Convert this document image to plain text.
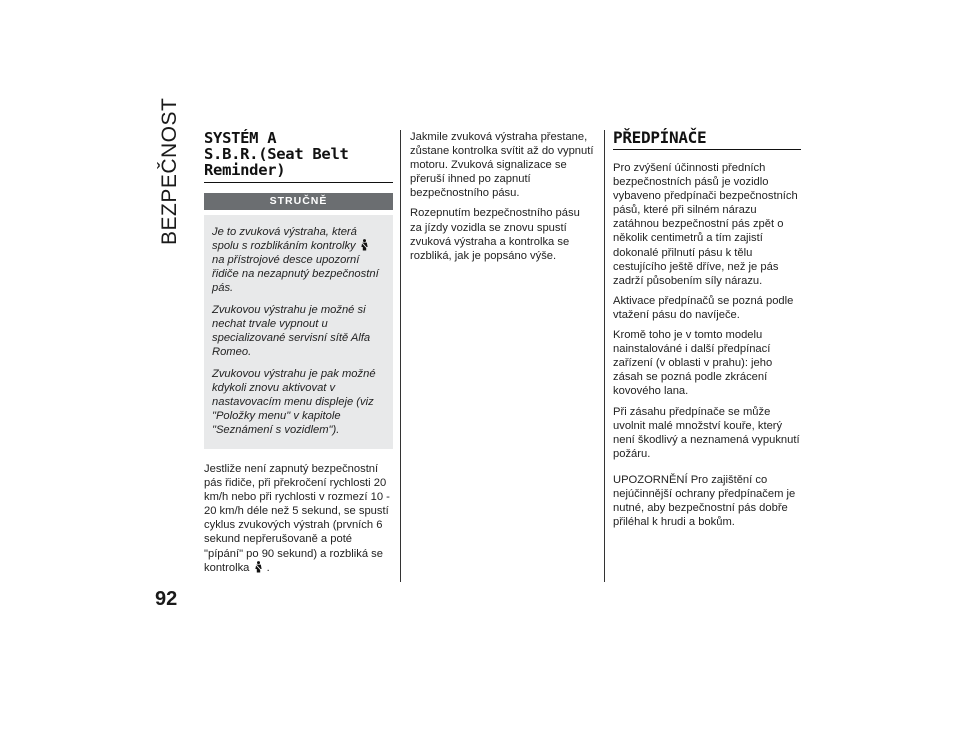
BEZPEČNOST
92
SYSTÉM A
S.B.R.(Seat Belt
Reminder)
STRUČNĚ

Je to zvuková výstraha, která spolu s rozblikáním kontrolky  na přístrojové desce upozorní řidiče na nezapnutý bezpečnostní pás.

Zvukovou výstrahu je možné si nechat trvale vypnout u specializované servisní sítě Alfa Romeo.

Zvukovou výstrahu je pak možné kdykoli znovu aktivovat v nastavovacím menu displeje (viz "Položky menu" v kapitole "Seznámení s vozidlem").

Jestliže není zapnutý bezpečnostní pás řidiče, při překročení rychlosti 20 km/h nebo při rychlosti v rozmezí 10 - 20 km/h déle než 5 sekund, se spustí cyklus zvukových výstrah (prvních 6 sekund nepřerušovaně a poté "pípání" po 90 sekund) a rozbliká se kontrolka .

Jakmile zvuková výstraha přestane, zůstane kontrolka svítit až do vypnutí motoru. Zvuková signalizace se přeruší ihned po zapnutí bezpečnostního pásu.

Rozepnutím bezpečnostního pásu za jízdy vozidla se znovu spustí zvuková výstraha a kontrolka se rozbliká, jak je popsáno výše.

PŘEDPÍNAČE

Pro zvýšení účinnosti předních bezpečnostních pásů je vozidlo vybaveno předpínači bezpečnostních pásů, které při silném nárazu zatáhnou bezpečnostní pás zpět o několik centimetrů a tím zajistí dokonalé přilnutí pásu k tělu cestujícího ještě dříve, než je pás zadrží působením síly nárazu.

Aktivace předpínačů se pozná podle vtažení pásu do navíječe.

Kromě toho je v tomto modelu nainstalováné i další předpínací zařízení (v oblasti v prahu): jeho zásah se pozná podle zkrácení kovového lana.

Při zásahu předpínače se může uvolnit malé množství kouře, který není škodlivý a neznamená vypuknutí požáru.

UPOZORNĚNÍ Pro zajištění co nejúčinnější ochrany předpínačem je nutné, aby bezpečnostní pás dobře přiléhal k hrudi a bokům.
